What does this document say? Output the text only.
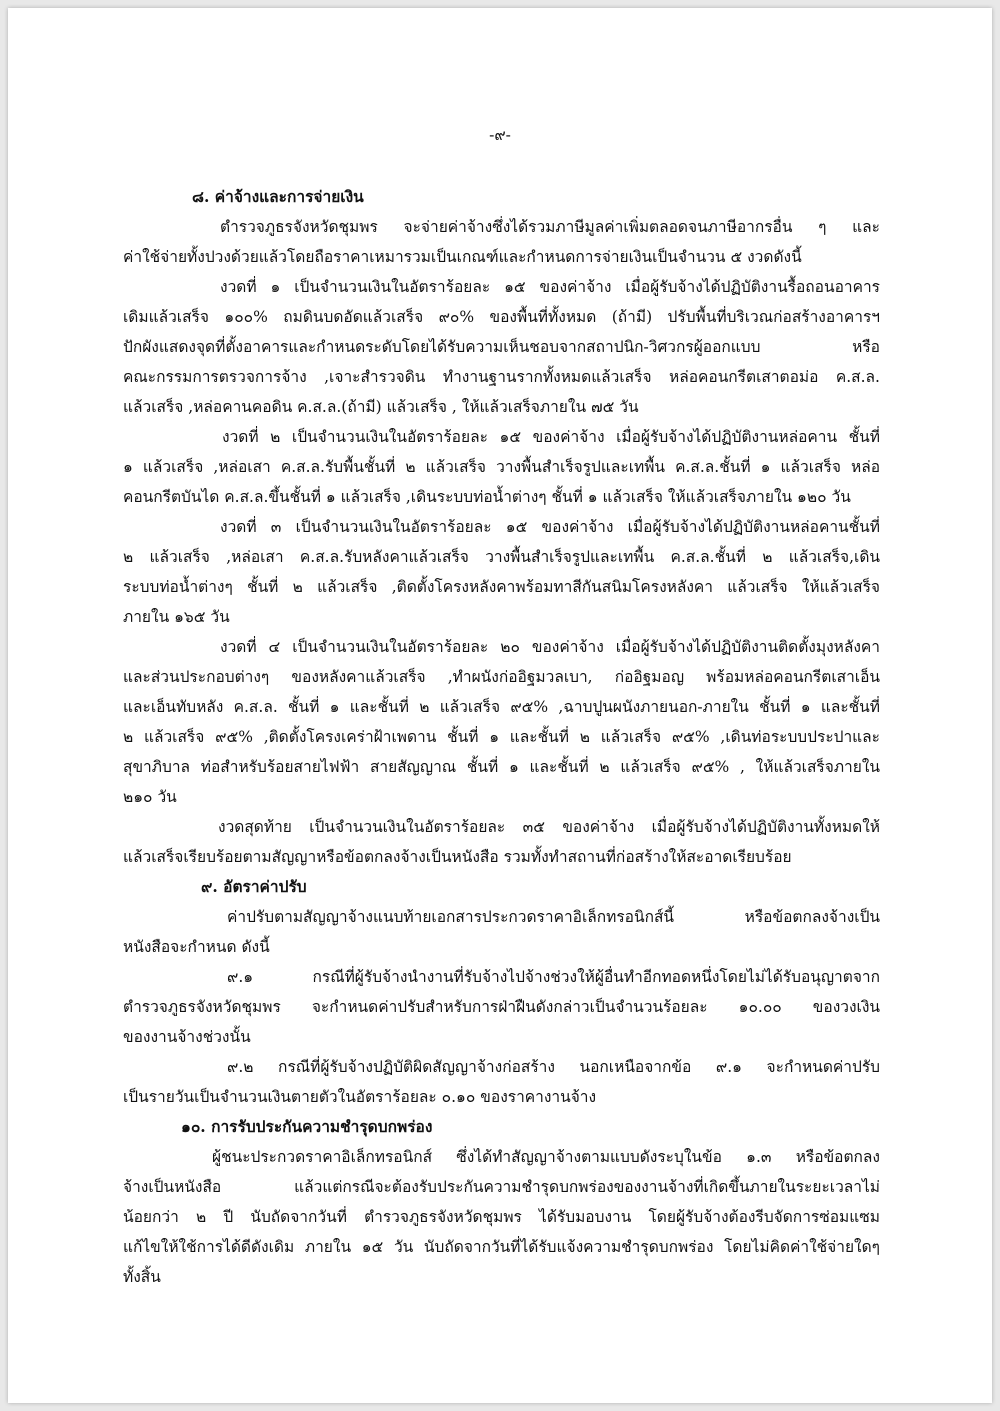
-๙-
๘. ค่าจ้างและการจ่ายเงิน
ตำรวจภูธรจังหวัดชุมพร จะจ่ายค่าจ้างซึ่งได้รวมภาษีมูลค่าเพิ่มตลอดจนภาษีอากรอื่น ๆ และ
ค่าใช้จ่ายทั้งปวงด้วยแล้วโดยถือราคาเหมารวมเป็นเกณฑ์และกำหนดการจ่ายเงินเป็นจำนวน ๕ งวดดังนี้
งวดที่ ๑ เป็นจำนวนเงินในอัตราร้อยละ ๑๕ ของค่าจ้าง เมื่อผู้รับจ้างได้ปฏิบัติงานรื้อถอนอาคาร
เดิมแล้วเสร็จ ๑๐๐% ถมดินบดอัดแล้วเสร็จ ๙๐% ของพื้นที่ทั้งหมด (ถ้ามี) ปรับพื้นที่บริเวณก่อสร้างอาคารฯ
ปักผังแสดงจุดที่ตั้งอาคารและกำหนดระดับโดยได้รับความเห็นชอบจากสถาปนิก-วิศวกรผู้ออกแบบ หรือ
คณะกรรมการตรวจการจ้าง ,เจาะสำรวจดิน ทำงานฐานรากทั้งหมดแล้วเสร็จ หล่อคอนกรีตเสาตอม่อ ค.ส.ล.
แล้วเสร็จ ,หล่อคานคอดิน ค.ส.ล.(ถ้ามี) แล้วเสร็จ , ให้แล้วเสร็จภายใน ๗๕ วัน
งวดที่ ๒ เป็นจำนวนเงินในอัตราร้อยละ ๑๕ ของค่าจ้าง เมื่อผู้รับจ้างได้ปฏิบัติงานหล่อคาน ชั้นที่
๑ แล้วเสร็จ ,หล่อเสา ค.ส.ล.รับพื้นชั้นที่ ๒ แล้วเสร็จ วางพื้นสำเร็จรูปและเทพื้น ค.ส.ล.ชั้นที่ ๑ แล้วเสร็จ หล่อ
คอนกรีตบันได ค.ส.ล.ขึ้นชั้นที่ ๑ แล้วเสร็จ ,เดินระบบท่อน้ำต่างๆ ชั้นที่ ๑ แล้วเสร็จ ให้แล้วเสร็จภายใน ๑๒๐ วัน
งวดที่ ๓ เป็นจำนวนเงินในอัตราร้อยละ ๑๕ ของค่าจ้าง เมื่อผู้รับจ้างได้ปฏิบัติงานหล่อคานชั้นที่
๒ แล้วเสร็จ ,หล่อเสา ค.ส.ล.รับหลังคาแล้วเสร็จ วางพื้นสำเร็จรูปและเทพื้น ค.ส.ล.ชั้นที่ ๒ แล้วเสร็จ,เดิน
ระบบท่อน้ำต่างๆ ชั้นที่ ๒ แล้วเสร็จ ,ติดตั้งโครงหลังคาพร้อมทาสีกันสนิมโครงหลังคา แล้วเสร็จ ให้แล้วเสร็จ
ภายใน ๑๖๕ วัน
งวดที่ ๔ เป็นจำนวนเงินในอัตราร้อยละ ๒๐ ของค่าจ้าง เมื่อผู้รับจ้างได้ปฏิบัติงานติดตั้งมุงหลังคา
และส่วนประกอบต่างๆ ของหลังคาแล้วเสร็จ ,ทำผนังก่ออิฐมวลเบา, ก่ออิฐมอญ พร้อมหล่อคอนกรีตเสาเอ็น
และเอ็นทับหลัง ค.ส.ล. ชั้นที่ ๑ และชั้นที่ ๒ แล้วเสร็จ ๙๕% ,ฉาบปูนผนังภายนอก-ภายใน ชั้นที่ ๑ และชั้นที่
๒ แล้วเสร็จ ๙๕% ,ติดตั้งโครงเคร่าฝ้าเพดาน ชั้นที่ ๑ และชั้นที่ ๒ แล้วเสร็จ ๙๕% ,เดินท่อระบบประปาและ
สุขาภิบาล ท่อสำหรับร้อยสายไฟฟ้า สายสัญญาณ ชั้นที่ ๑ และชั้นที่ ๒ แล้วเสร็จ ๙๕% , ให้แล้วเสร็จภายใน
๒๑๐ วัน
งวดสุดท้าย เป็นจำนวนเงินในอัตราร้อยละ ๓๕ ของค่าจ้าง เมื่อผู้รับจ้างได้ปฏิบัติงานทั้งหมดให้
แล้วเสร็จเรียบร้อยตามสัญญาหรือข้อตกลงจ้างเป็นหนังสือ รวมทั้งทำสถานที่ก่อสร้างให้สะอาดเรียบร้อย
๙. อัตราค่าปรับ
ค่าปรับตามสัญญาจ้างแนบท้ายเอกสารประกวดราคาอิเล็กทรอนิกส์นี้ หรือข้อตกลงจ้างเป็น
หนังสือจะกำหนด ดังนี้
๙.๑ กรณีที่ผู้รับจ้างนำงานที่รับจ้างไปจ้างช่วงให้ผู้อื่นทำอีกทอดหนึ่งโดยไม่ได้รับอนุญาตจาก
ตำรวจภูธรจังหวัดชุมพร จะกำหนดค่าปรับสำหรับการฝ่าฝืนดังกล่าวเป็นจำนวนร้อยละ ๑๐.๐๐ ของวงเงิน
ของงานจ้างช่วงนั้น
๙.๒ กรณีที่ผู้รับจ้างปฏิบัติผิดสัญญาจ้างก่อสร้าง นอกเหนือจากข้อ ๙.๑ จะกำหนดค่าปรับ
เป็นรายวันเป็นจำนวนเงินตายตัวในอัตราร้อยละ ๐.๑๐ ของราคางานจ้าง
๑๐. การรับประกันความชำรุดบกพร่อง
ผู้ชนะประกวดราคาอิเล็กทรอนิกส์ ซึ่งได้ทำสัญญาจ้างตามแบบดังระบุในข้อ ๑.๓ หรือข้อตกลง
จ้างเป็นหนังสือ แล้วแต่กรณีจะต้องรับประกันความชำรุดบกพร่องของงานจ้างที่เกิดขึ้นภายในระยะเวลาไม่
น้อยกว่า ๒ ปี นับถัดจากวันที่ ตำรวจภูธรจังหวัดชุมพร ได้รับมอบงาน โดยผู้รับจ้างต้องรีบจัดการซ่อมแซม
แก้ไขให้ใช้การได้ดีดังเดิม ภายใน ๑๕ วัน นับถัดจากวันที่ได้รับแจ้งความชำรุดบกพร่อง โดยไม่คิดค่าใช้จ่ายใดๆ
ทั้งสิ้น
